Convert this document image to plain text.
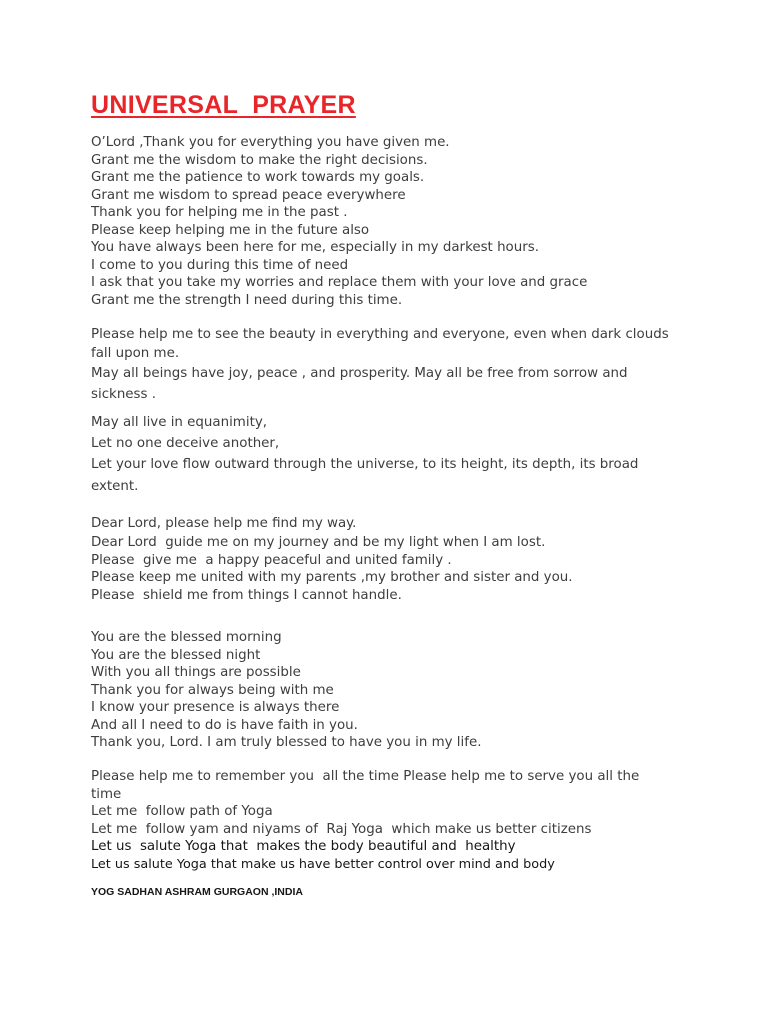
UNIVERSAL  PRAYER
O’Lord ,Thank you for everything you have given me.
Grant me the wisdom to make the right decisions.
Grant me the patience to work towards my goals.
Grant me wisdom to spread peace everywhere
Thank you for helping me in the past .
Please keep helping me in the future also
You have always been here for me, especially in my darkest hours.
I come to you during this time of need
I ask that you take my worries and replace them with your love and grace
Grant me the strength I need during this time.
Please help me to see the beauty in everything and everyone, even when dark clouds
fall upon me.
May all beings have joy, peace , and prosperity. May all be free from sorrow and
sickness .
May all live in equanimity,
Let no one deceive another,
Let your love flow outward through the universe, to its height, its depth, its broad
extent.
Dear Lord, please help me find my way.
Dear Lord  guide me on my journey and be my light when I am lost.
Please  give me  a happy peaceful and united family .
Please keep me united with my parents ,my brother and sister and you.
Please  shield me from things I cannot handle.
You are the blessed morning
You are the blessed night
With you all things are possible
Thank you for always being with me
I know your presence is always there
And all I need to do is have faith in you.
Thank you, Lord. I am truly blessed to have you in my life.
Please help me to remember you  all the time Please help me to serve you all the
time
Let me  follow path of Yoga
Let me  follow yam and niyams of  Raj Yoga  which make us better citizens
Let us  salute Yoga that  makes the body beautiful and  healthy
Let us salute Yoga that make us have better control over mind and body
YOG SADHAN ASHRAM GURGAON ,INDIA
